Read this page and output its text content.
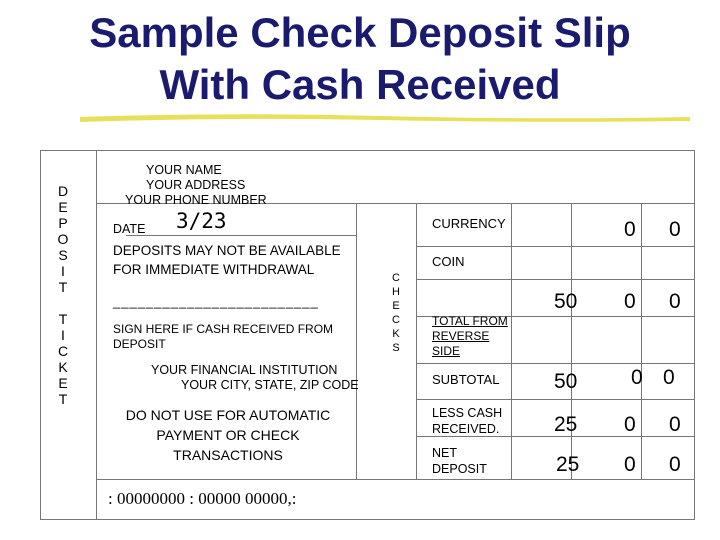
Sample Check Deposit Slip
With Cash Received
D
E
P
O
S
I
T
T
I
C
K
E
T
YOUR NAME
YOUR ADDRESS
YOUR PHONE NUMBER
DATE 3/23
DEPOSITS MAY NOT BE AVAILABLE
FOR IMMEDIATE WITHDRAWAL
_________________________
SIGN HERE IF CASH RECEIVED FROM
DEPOSIT
YOUR FINANCIAL INSTITUTION
YOUR CITY, STATE, ZIP CODE
DO NOT USE FOR AUTOMATIC
PAYMENT OR CHECK
TRANSACTIONS
: 00000000 : 00000 00000,:
C
H
E
C
K
S
CURRENCY	0 0
COIN
50 0 0
TOTAL FROM
REVERSE
SIDE
SUBTOTAL	50	0 0
LESS CASH
RECEIVED.	25 0 0
NET
DEPOSIT	25 0 0
